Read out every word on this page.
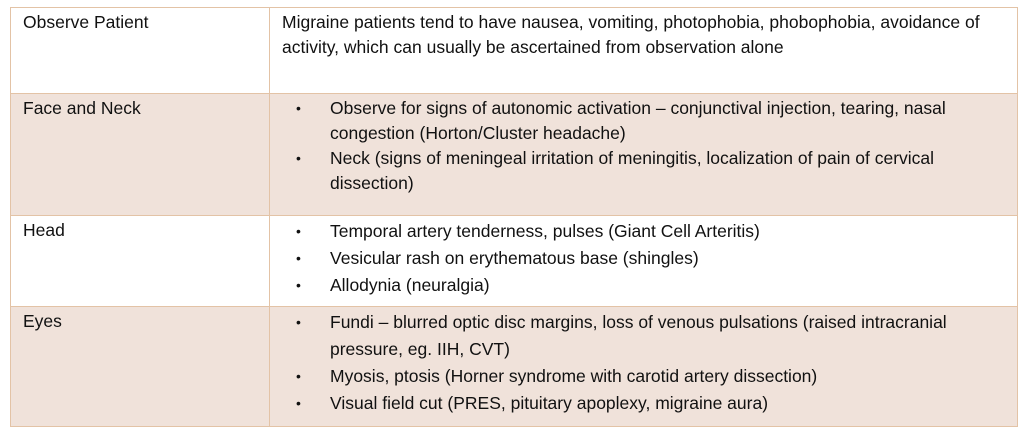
Observe Patient	Migraine patients tend to have nausea, vomiting, photophobia, phobophobia, avoidance of activity, which can usually be ascertained from observation alone
Face and Neck	• Observe for signs of autonomic activation – conjunctival injection, tearing, nasal congestion (Horton/Cluster headache)
• Neck (signs of meningeal irritation of meningitis, localization of pain of cervical dissection)

Head	• Temporal artery tenderness, pulses (Giant Cell Arteritis)
• Vesicular rash on erythematous base (shingles)
• Allodynia (neuralgia)

Eyes	• Fundi – blurred optic disc margins, loss of venous pulsations (raised intracranial pressure, eg. IIH, CVT)
• Myosis, ptosis (Horner syndrome with carotid artery dissection)
• Visual field cut (PRES, pituitary apoplexy, migraine aura)
